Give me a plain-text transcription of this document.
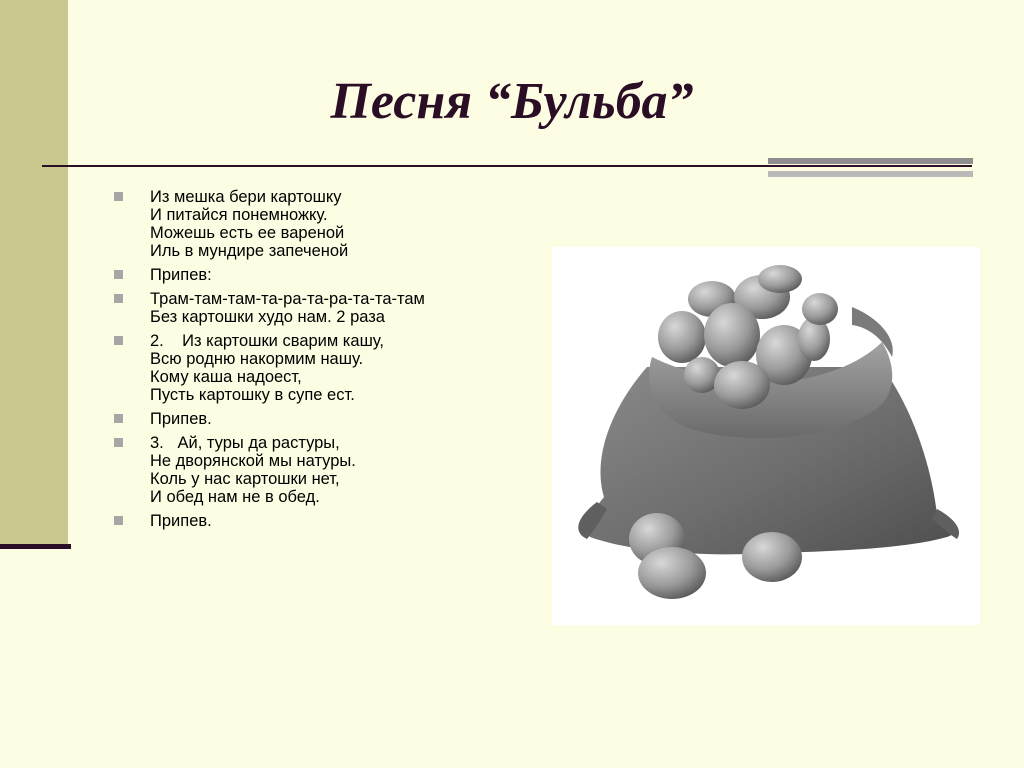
Песня “Бульба”
Из мешка бери картошку
И питайся понемножку.
Можешь есть ее вареной
Иль в мундире запеченой
Припев:
Трам-там-там-та-ра-та-ра-та-та-там
Без картошки худо нам. 2 раза
2.    Из картошки сварим кашу,
Всю родню накормим нашу.
Кому каша надоест,
Пусть картошку в супе ест.
Припев.
3.   Ай, туры да растуры,
Не дворянской мы натуры.
Коль у нас картошки нет,
И обед нам не в обед.
Припев.
